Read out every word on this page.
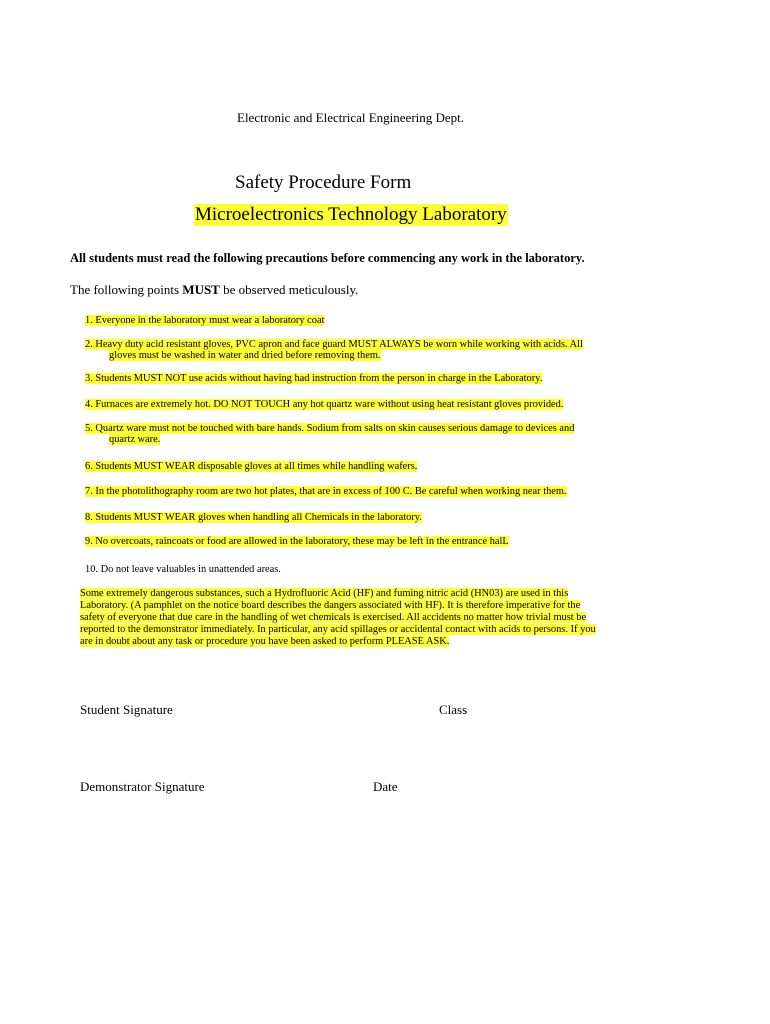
Electronic and Electrical Engineering Dept.
Safety Procedure Form
Microelectronics Technology Laboratory
All students must read the following precautions before commencing any work in the laboratory.
The following points MUST be observed meticulously.
1. Everyone in the laboratory must wear a laboratory coat
2. Heavy duty acid resistant gloves, PVC apron and face guard MUST ALWAYS be worn while working with acids. All
gloves must be washed in water and dried before removing them.
3. Students MUST NOT use acids without having had instruction from the person in charge in the Laboratory.
4. Furnaces are extremely hot. DO NOT TOUCH any hot quartz ware without using heat resistant gloves provided.
5. Quartz ware must not be touched with bare hands. Sodium from salts on skin causes serious damage to devices and
quartz ware.
6. Students MUST WEAR disposable gloves at all times while handling wafers.
7. In the photolithography room are two hot plates, that are in excess of 100 C. Be careful when working near them.
8. Students MUST WEAR gloves when handling all Chemicals in the laboratory.
9. No overcoats, raincoats or food are allowed in the laboratory, these may be left in the entrance halL
10. Do not leave valuables in unattended areas.
Some extremely dangerous substances, such a Hydrofluoric Acid (HF) and fuming nitric acid (HN03) are used in this
Laboratory. (A pamphlet on the notice board describes the dangers associated with HF). It is therefore imperative for the
safety of everyone that due care in the handling of wet chemicals is exercised. All accidents no matter how trivial must be
reported to the demonstrator immediately. In particular, any acid spillages or accidental contact with acids to persons. If you
are in doubt about any task or procedure you have been asked to perform PLEASE ASK.
Student Signature	Class
Demonstrator Signature	Date
